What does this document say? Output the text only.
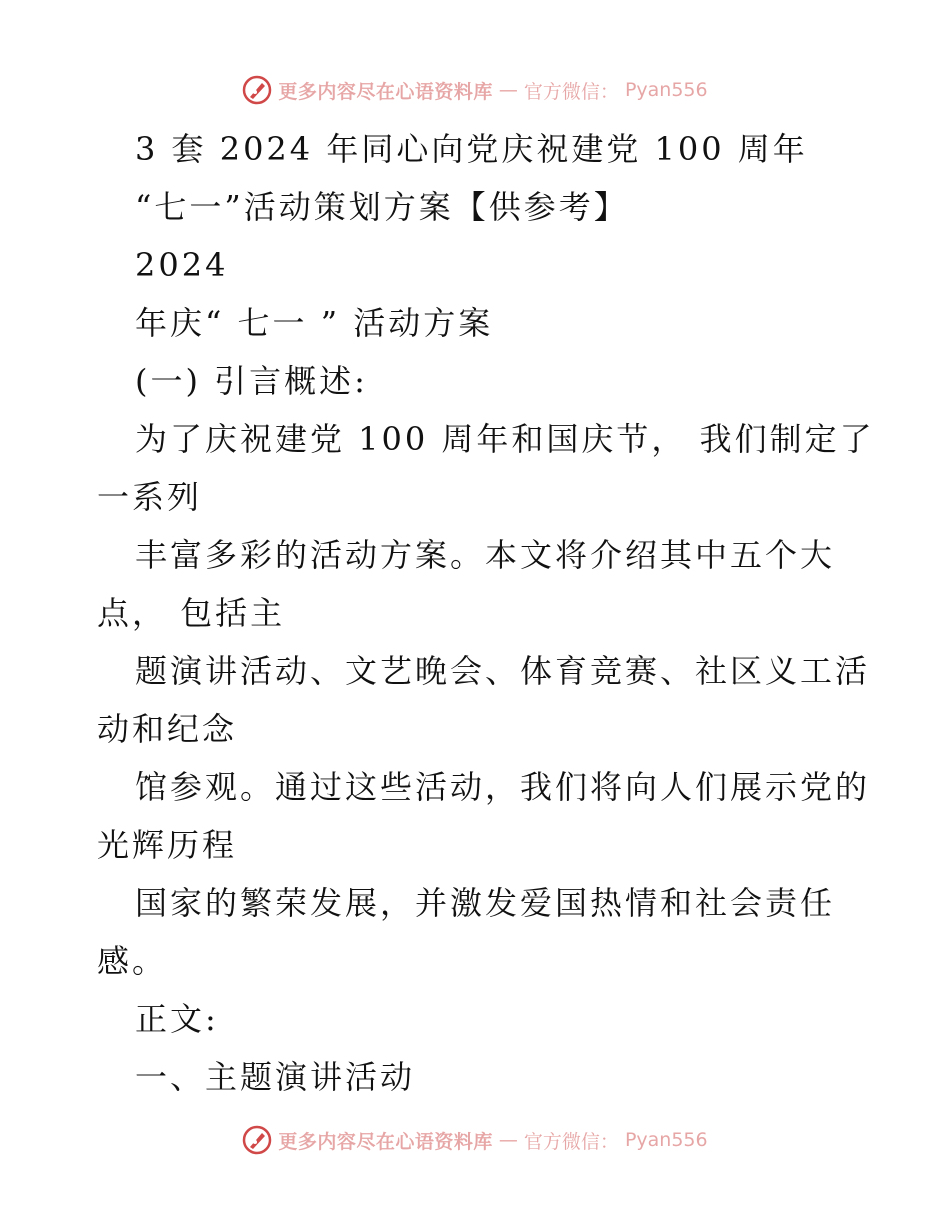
更多内容尽在心语资料库 — 官方微信： Pyan556
3 套 2024 年同心向党庆祝建党 100 周年
“七一”活动策划方案【供参考】
2024
年庆“ 七一 ” 活动方案
(一) 引言概述:
为了庆祝建党 100 周年和国庆节， 我们制定了
一系列
丰富多彩的活动方案。本文将介绍其中五个大
点， 包括主
题演讲活动、文艺晚会、体育竞赛、社区义工活
动和纪念
馆参观。通过这些活动，我们将向人们展示党的
光辉历程
国家的繁荣发展，并激发爱国热情和社会责任
感。
正文:
一、主题演讲活动
更多内容尽在心语资料库 — 官方微信： Pyan556
